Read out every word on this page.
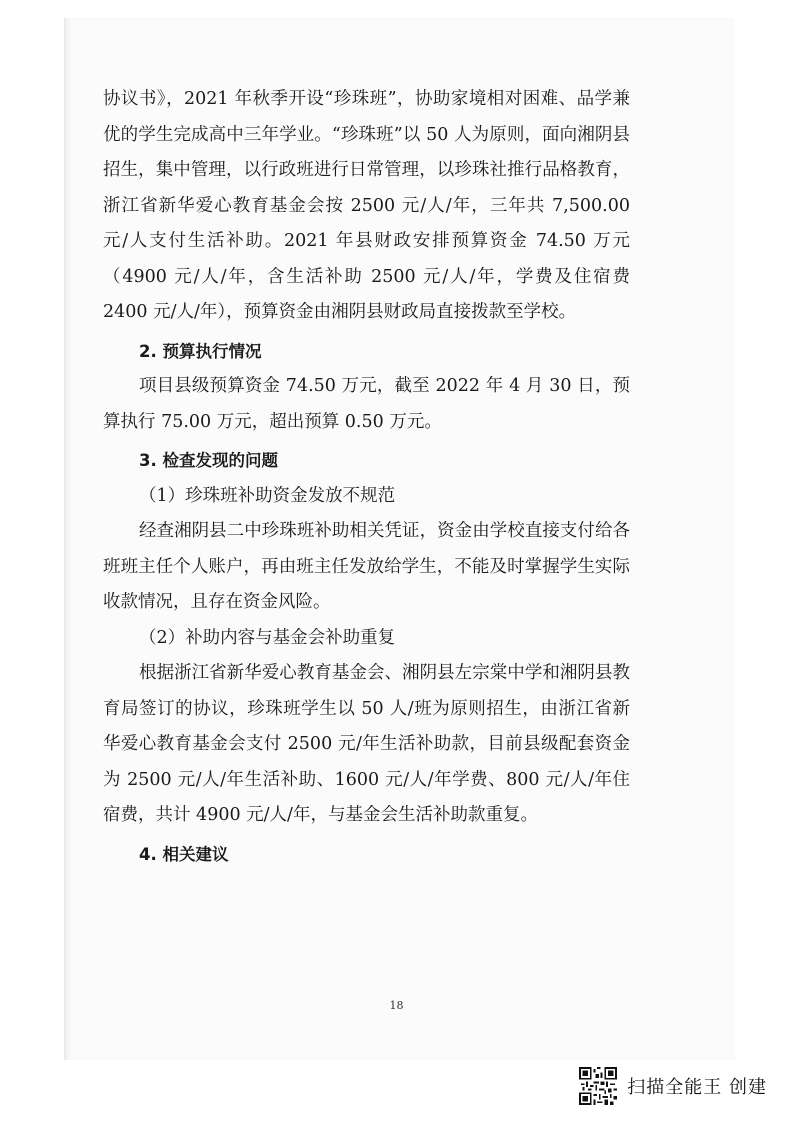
协议书》，2021 年秋季开设“珍珠班”，协助家境相对困难、品学兼优的学生完成高中三年学业。“珍珠班”以 50 人为原则，面向湘阴县招生，集中管理，以行政班进行日常管理，以珍珠社推行品格教育，浙江省新华爱心教育基金会按 2500 元/人/年，三年共 7,500.00 元/人支付生活补助。2021 年县财政安排预算资金 74.50 万元（4900 元/人/年，含生活补助 2500 元/人/年，学费及住宿费 2400 元/人/年），预算资金由湘阴县财政局直接拨款至学校。

2. 预算执行情况

项目县级预算资金 74.50 万元，截至 2022 年 4 月 30 日，预算执行 75.00 万元，超出预算 0.50 万元。

3. 检查发现的问题

（1）珍珠班补助资金发放不规范

经查湘阴县二中珍珠班补助相关凭证，资金由学校直接支付给各班班主任个人账户，再由班主任发放给学生，不能及时掌握学生实际收款情况，且存在资金风险。

（2）补助内容与基金会补助重复

根据浙江省新华爱心教育基金会、湘阴县左宗棠中学和湘阴县教育局签订的协议，珍珠班学生以 50 人/班为原则招生，由浙江省新华爱心教育基金会支付 2500 元/年生活补助款，目前县级配套资金为 2500 元/人/年生活补助、1600 元/人/年学费、800 元/人/年住宿费，共计 4900 元/人/年，与基金会生活补助款重复。

4. 相关建议

18
扫描全能王 创建
